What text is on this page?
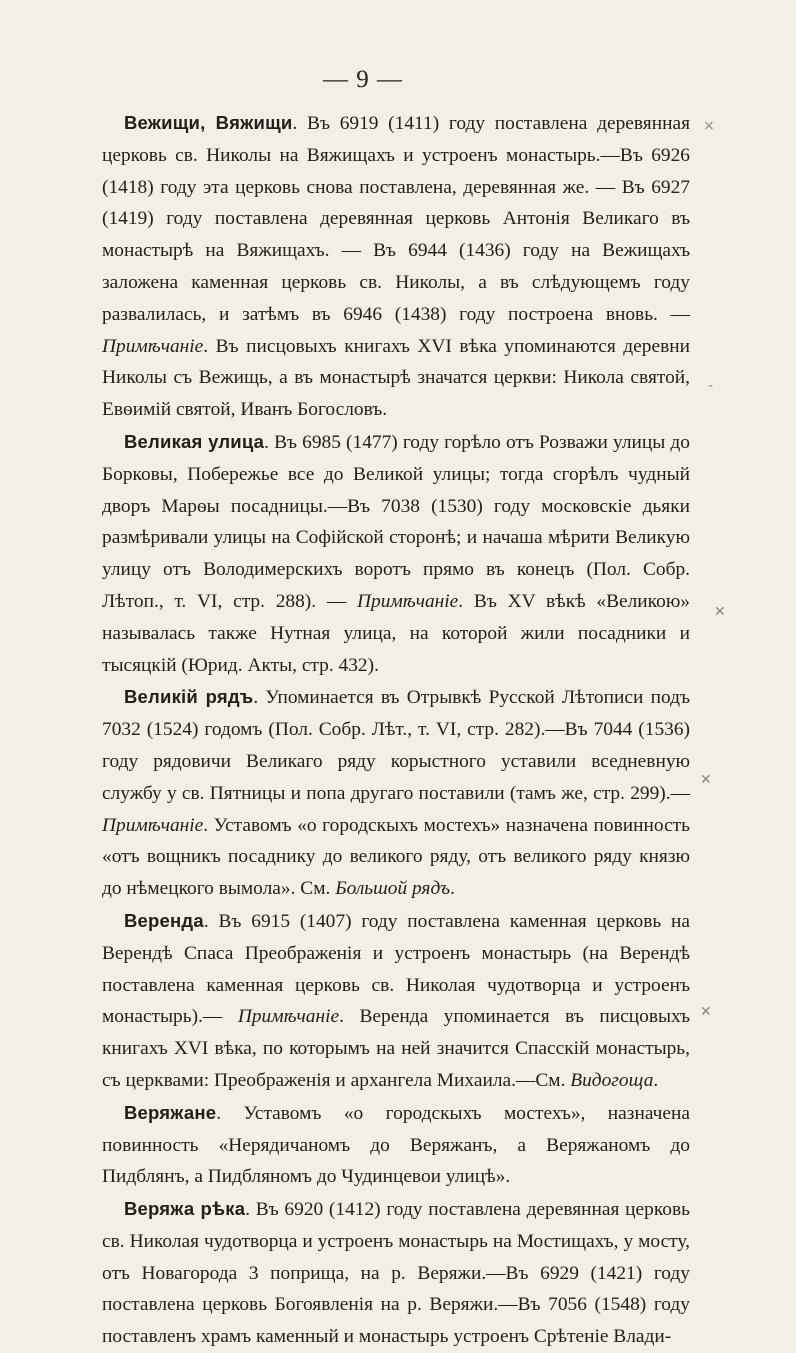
— 9 —

Вежищи, Вяжищи. Въ 6919 (1411) году поставлена деревянная церковь св. Николы на Вяжищахъ и устроенъ монастырь.—Въ 6926 (1418) году эта церковь снова поставлена, деревянная же. — Въ 6927 (1419) году поставлена деревянная церковь Антонія Великаго въ монастырѣ на Вяжищахъ. — Въ 6944 (1436) году на Вежищахъ заложена каменная церковь св. Николы, а въ слѣдующемъ году развалилась, и затѣмъ въ 6946 (1438) году построена вновь. — Примѣчаніе. Въ писцовыхъ книгахъ XVI вѣка упоминаются деревни Николы съ Вежищь, а въ монастырѣ значатся церкви: Никола святой, Евѳимій святой, Иванъ Богословъ.

Великая улица. Въ 6985 (1477) году горѣло отъ Розважи улицы до Борковы, Побережье все до Великой улицы; тогда сгорѣлъ чудный дворъ Марѳы посадницы.—Въ 7038 (1530) году московскіе дьяки размѣривали улицы на Софійской сторонѣ; и начаша мѣрити Великую улицу отъ Володимерскихъ воротъ прямо въ конецъ (Пол. Собр. Лѣтоп., т. VI, стр. 288). — Примѣчаніе. Въ XV вѣкѣ «Великою» называлась также Нутная улица, на которой жили посадники и тысяцкій (Юрид. Акты, стр. 432).

Великій рядъ. Упоминается въ Отрывкѣ Русской Лѣтописи подъ 7032 (1524) годомъ (Пол. Собр. Лѣт., т. VI, стр. 282).—Въ 7044 (1536) году рядовичи Великаго ряду корыстного уставили вседневную службу у св. Пятницы и попа другаго поставили (тамъ же, стр. 299).—Примѣчаніе. Уставомъ «о городскыхъ мостехъ» назначена повинность «отъ вощникъ посаднику до великого ряду, отъ великого ряду князю до нѣмецкого вымола». См. Большой рядъ.

Веренда. Въ 6915 (1407) году поставлена каменная церковь на Верендѣ Спаса Преображенія и устроенъ монастырь (на Верендѣ поставлена каменная церковь св. Николая чудотворца и устроенъ монастырь).— Примѣчаніе. Веренда упоминается въ писцовыхъ книгахъ XVI вѣка, по которымъ на ней значится Спасскій монастырь, съ церквами: Преображенія и архангела Михаила.—См. Видогоща.

Веряжане. Уставомъ «о городскыхъ мостехъ», назначена повинность «Нерядичаномъ до Веряжанъ, а Веряжаномъ до Пидблянъ, а Пидбляномъ до Чудинцевои улицѣ».

Веряжа рѣка. Въ 6920 (1412) году поставлена деревянная церковь св. Николая чудотворца и устроенъ монастырь на Мостищахъ, у мосту, отъ Новагорода 3 поприща, на р. Веряжи.—Въ 6929 (1421) году поставлена церковь Богоявленія на р. Веряжи.—Въ 7056 (1548) году поставленъ храмъ каменный и монастырь устроенъ Срѣтеніе Влади-

×
-
✕
✕
✕
